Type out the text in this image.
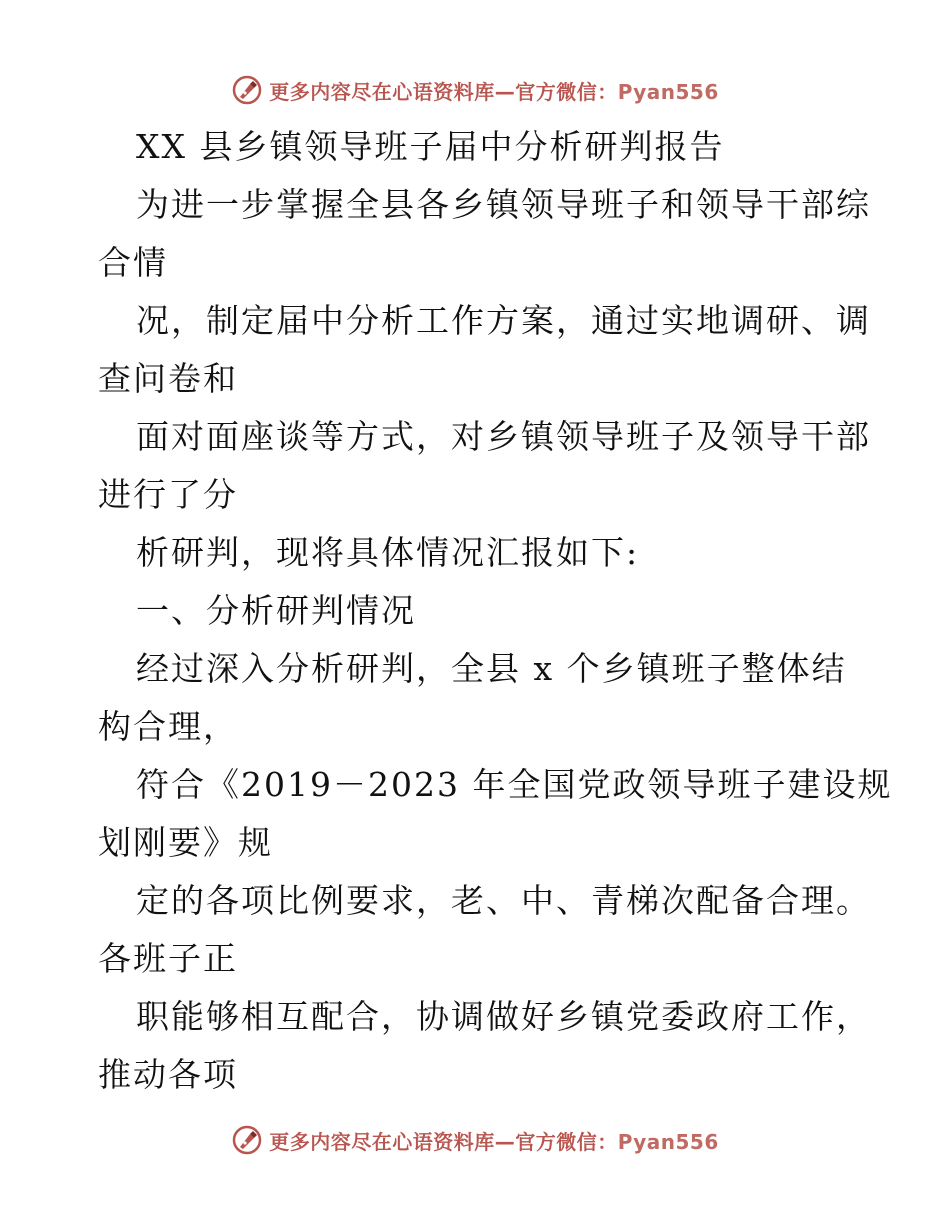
更多内容尽在心语资料库—官方微信：Pyan556
XX 县乡镇领导班子届中分析研判报告
为进一步掌握全县各乡镇领导班子和领导干部综
合情
况，制定届中分析工作方案，通过实地调研、调
查问卷和
面对面座谈等方式，对乡镇领导班子及领导干部
进行了分
析研判，现将具体情况汇报如下:
一、分析研判情况
经过深入分析研判，全县 x 个乡镇班子整体结
构合理，
符合《2019－2023 年全国党政领导班子建设规
划刚要》规
定的各项比例要求，老、中、青梯次配备合理。
各班子正
职能够相互配合，协调做好乡镇党委政府工作，
推动各项
更多内容尽在心语资料库—官方微信：Pyan556
